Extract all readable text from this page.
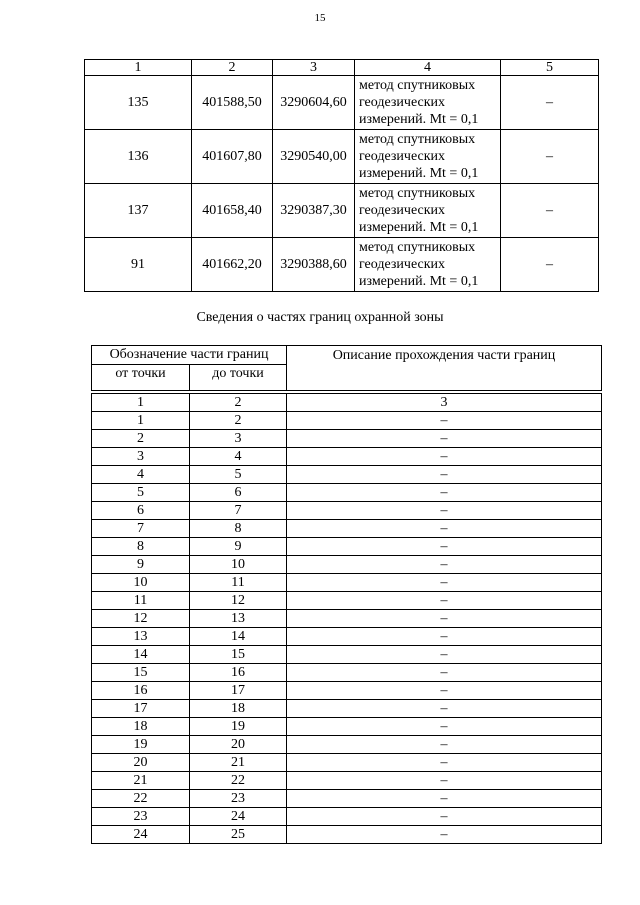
15
1	2	3	4	5
135	401588,50	3290604,60	метод спутниковых
геодезических
измерений. Mt = 0,1	–
136	401607,80	3290540,00	метод спутниковых
геодезических
измерений. Mt = 0,1	–
137	401658,40	3290387,30	метод спутниковых
геодезических
измерений. Mt = 0,1	–
91	401662,20	3290388,60	метод спутниковых
геодезических
измерений. Mt = 0,1	–
Сведения о частях границ охранной зоны
Обозначение части границ		Описание прохождения части границ
от точки	до точки	

1	2	3
1	2	–
2	3	–
3	4	–
4	5	–
5	6	–
6	7	–
7	8	–
8	9	–
9	10	–
10	11	–
11	12	–
12	13	–
13	14	–
14	15	–
15	16	–
16	17	–
17	18	–
18	19	–
19	20	–
20	21	–
21	22	–
22	23	–
23	24	–
24	25	–
